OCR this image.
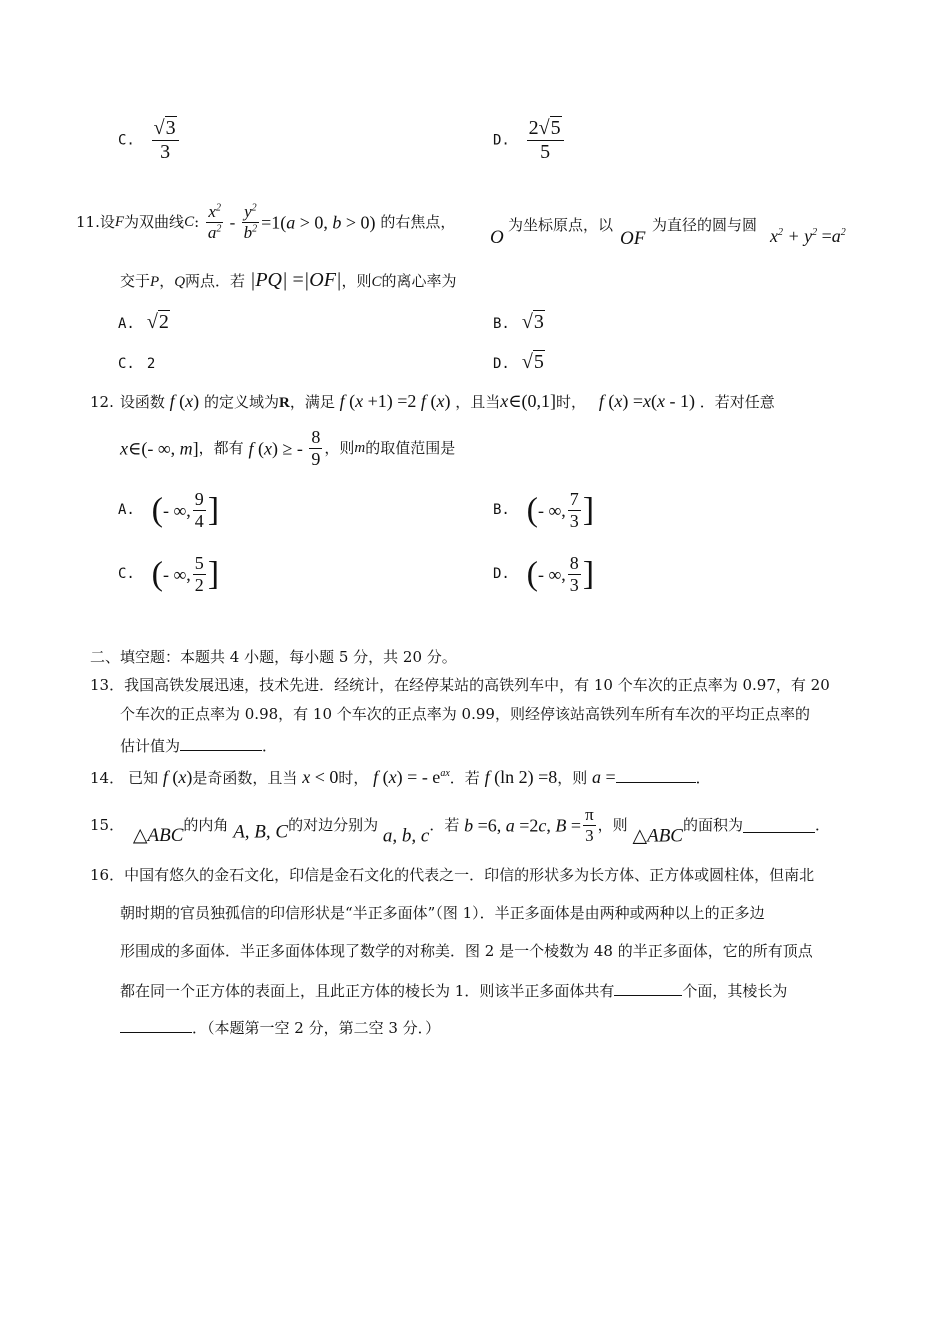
C. $\frac{√3}{3}$	D. $\frac{2√5}{5}$
11.设F为双曲线C: $\frac{x^2}{a^2} - \frac{y^2}{b^2} =1(a > 0$, b > 0) 的右焦点，
O
为坐标原点，以
OF
为直径的圆与圆
$x^2 + y^2 =a^2$
交于P，Q两点．若 |PQ| =|OF|，则C的离心率为
A. √2	B. √3
C. 2	D. √5
12. 设函数 f (x) 的定义域为R，满足 f (x +1) =2 f (x) ，且当x∈(0,1]时， f (x) =x(x - 1) ．若对任意
x∈(- ∞, m]，都有 f (x) ≥ - $\frac{8}{9}$ ，则m的取值范围是
A. (- ∞, $\frac{9}{4}$ ]	B. (- ∞, $\frac{7}{3}$ ]
C. (- ∞, $\frac{5}{2}$ ]	D. (- ∞, $\frac{8}{3}$ ]
二、填空题：本题共 4 小题，每小题 5 分，共 20 分。
13．我国高铁发展迅速，技术先进．经统计，在经停某站的高铁列车中，有 10 个车次的正点率为 0.97，有 20
个车次的正点率为 0.98，有 10 个车次的正点率为 0.99，则经停该站高铁列车所有车次的平均正点率的
估计值为	．
14． 已知 f (x)是奇函数，且当 x < 0时， f (x) = - $e^{ax}$．若 f (ln 2) =8，则 a =	．
15． △ABC的内角 A, B, C的对边分别为 a, b, c．若 b =6, a =2c, $B = \frac{\pi}{3}$ ，则 △ABC的面积为	．
16．中国有悠久的金石文化，印信是金石文化的代表之一．印信的形状多为长方体、正方体或圆柱体，但南北
朝时期的官员独孤信的印信形状是“半正多面体”（图 1）．半正多面体是由两种或两种以上的正多边
形围成的多面体．半正多面体体现了数学的对称美．图 2 是一个棱数为 48 的半正多面体，它的所有顶点
都在同一个正方体的表面上，且此正方体的棱长为 1．则该半正多面体共有	个面，其棱长为
．（本题第一空 2 分，第二空 3 分．）
